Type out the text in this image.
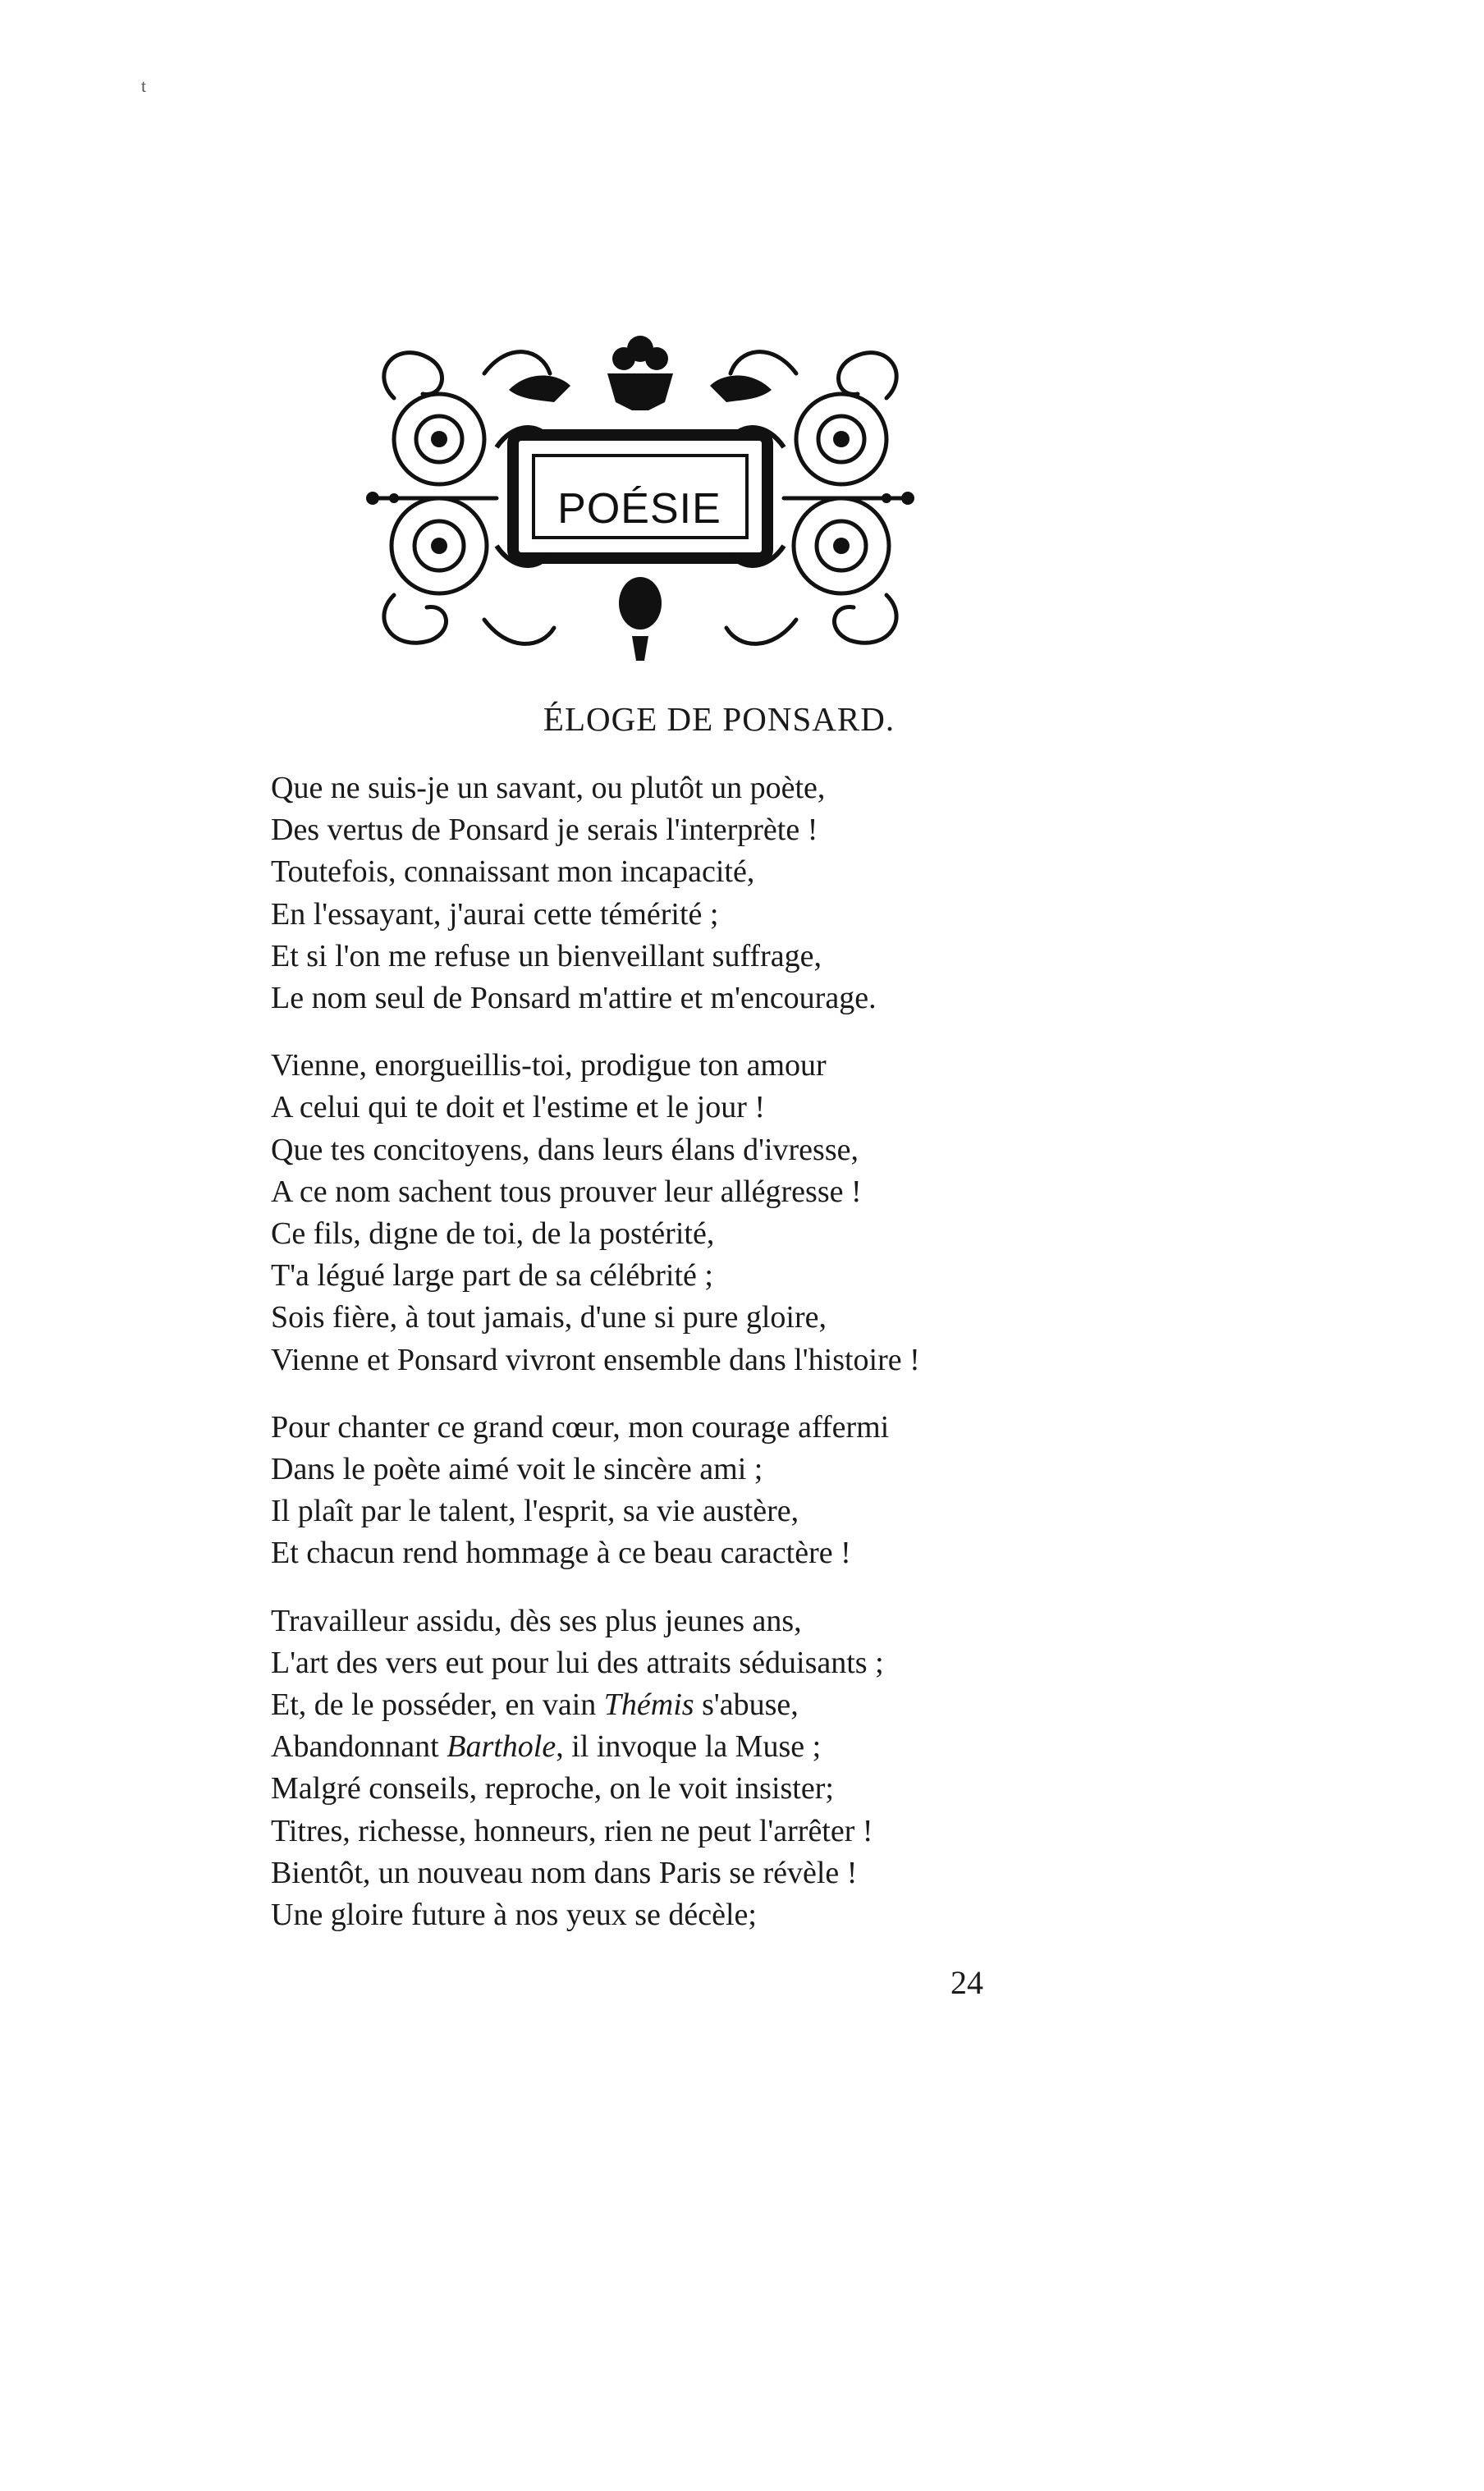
t
POÉSIE
ÉLOGE DE PONSARD.
Que ne suis-je un savant, ou plutôt un poète,
Des vertus de Ponsard je serais l'interprète !
Toutefois, connaissant mon incapacité,
En l'essayant, j'aurai cette témérité ;
Et si l'on me refuse un bienveillant suffrage,
Le nom seul de Ponsard m'attire et m'encourage.
Vienne, enorgueillis-toi, prodigue ton amour
A celui qui te doit et l'estime et le jour !
Que tes concitoyens, dans leurs élans d'ivresse,
A ce nom sachent tous prouver leur allégresse !
Ce fils, digne de toi, de la postérité,
T'a légué large part de sa célébrité ;
Sois fière, à tout jamais, d'une si pure gloire,
Vienne et Ponsard vivront ensemble dans l'histoire !
Pour chanter ce grand cœur, mon courage affermi
Dans le poète aimé voit le sincère ami ;
Il plaît par le talent, l'esprit, sa vie austère,
Et chacun rend hommage à ce beau caractère !
Travailleur assidu, dès ses plus jeunes ans,
L'art des vers eut pour lui des attraits séduisants ;
Et, de le posséder, en vain Thémis s'abuse,
Abandonnant Barthole, il invoque la Muse ;
Malgré conseils, reproche, on le voit insister;
Titres, richesse, honneurs, rien ne peut l'arrêter !
Bientôt, un nouveau nom dans Paris se révèle !
Une gloire future à nos yeux se décèle;
24
